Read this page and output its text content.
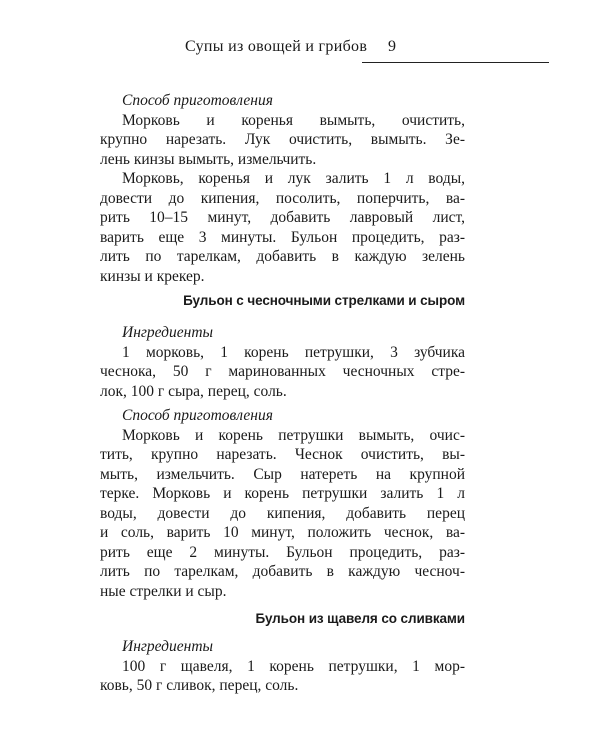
Супы из овощей и грибов 9

Способ приготовления

Морковь и коренья вымыть, очистить,
крупно нарезать. Лук очистить, вымыть. Зе-
лень кинзы вымыть, измельчить.
Морковь, коренья и лук залить 1 л воды,
довести до кипения, посолить, поперчить, ва-
рить 10–15 минут, добавить лавровый лист,
варить еще 3 минуты. Бульон процедить, раз-
лить по тарелкам, добавить в каждую зелень
кинзы и крекер.

Бульон с чесночными стрелками и сыром

Ингредиенты

1 морковь, 1 корень петрушки, 3 зубчика
чеснока, 50 г маринованных чесночных стре-
лок, 100 г сыра, перец, соль.

Способ приготовления

Морковь и корень петрушки вымыть, очис-
тить, крупно нарезать. Чеснок очистить, вы-
мыть, измельчить. Сыр натереть на крупной
терке. Морковь и корень петрушки залить 1 л
воды, довести до кипения, добавить перец
и соль, варить 10 минут, положить чеснок, ва-
рить еще 2 минуты. Бульон процедить, раз-
лить по тарелкам, добавить в каждую чесноч-
ные стрелки и сыр.

Бульон из щавеля со сливками

Ингредиенты

100 г щавеля, 1 корень петрушки, 1 мор-
ковь, 50 г сливок, перец, соль.
